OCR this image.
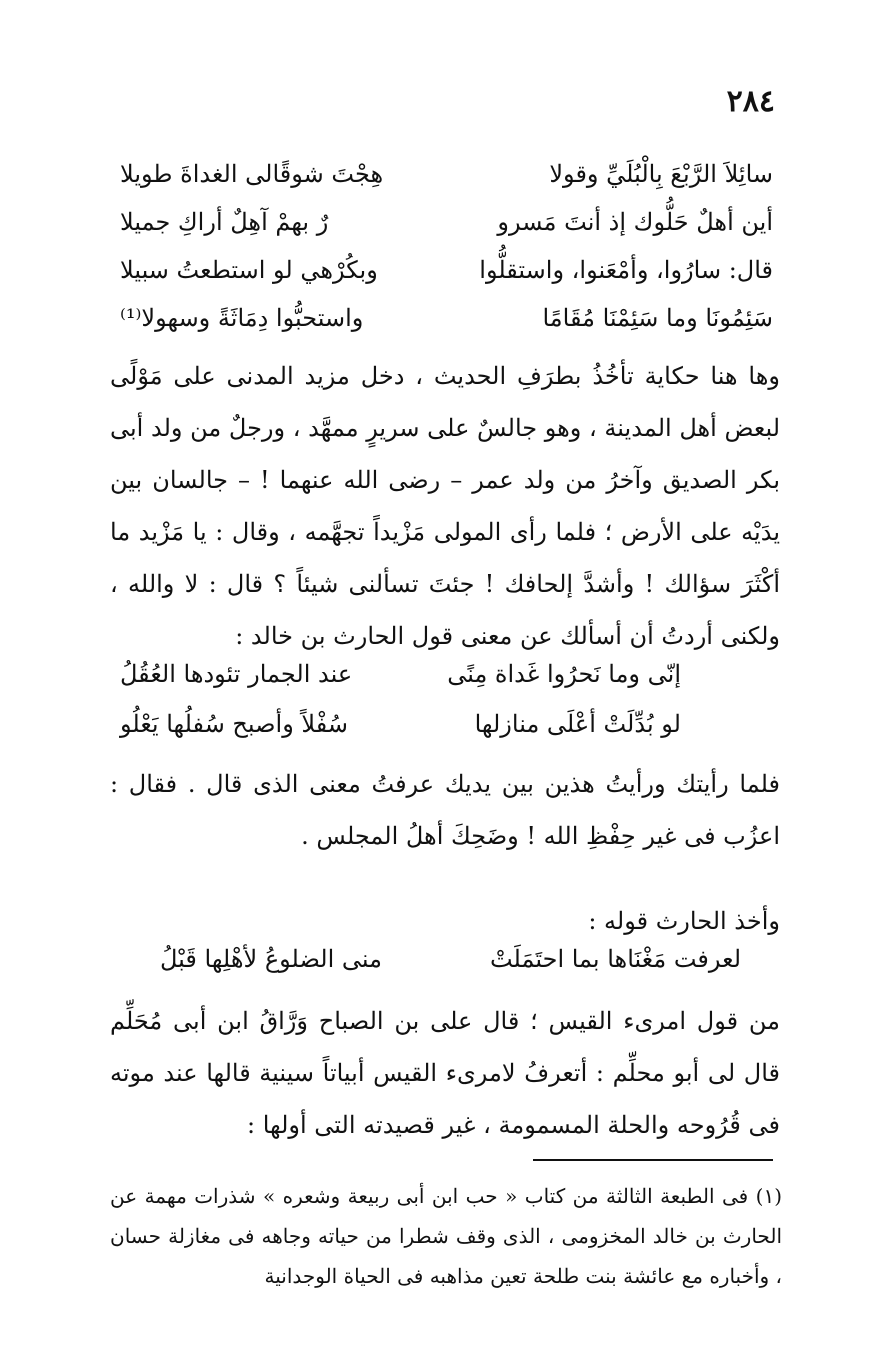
٢٨٤
سائِلاَ الرَّبْعَ بِالْبُلَيِّ وقولا
هِجْتَ شوقًالى الغداةَ طويلا
أين أهلٌ حَلُّوك إذ أنتَ مَسرو
رٌ بهمْ آهِلٌ أراكِ جميلا
قال: سارُوا، وأمْعَنوا، واستقلُّوا
وبكُرْهي لو استطعتُ سبيلا
سَئِمُونَا وما سَئِمْنَا مُقَامًا
واستحبُّوا دِمَاثَةً وسهولا⁽¹⁾
وها هنا حكاية تأخُذُ بطرَفِ الحديث ، دخل مزيد المدنى على مَوْلًى لبعض أهل المدينة ، وهو جالسٌ على سريرٍ ممهَّد ، ورجلٌ من ولد أبى بكر الصديق وآخرُ من ولد عمر – رضى الله عنهما ! – جالسان بين يدَيْه على الأرض ؛ فلما رأى المولى مَزْيداً تجهَّمه ، وقال : يا مَزْيد ما أكْثَرَ سؤالك ! وأشدَّ إلحافك ! جئتَ تسألنى شيئاً ؟ قال : لا والله ، ولكنى أردتُ أن أسألك عن معنى قول الحارث بن خالد :
إنّى وما نَحرُوا غَداة مِنًى
عند الجمار تئودها العُقُلُ
لو بُدِّلَتْ أعْلَى منازلها
سُفْلاً وأصبح سُفلُها يَعْلُو
فلما رأيتك ورأيتُ هذين بين يديك عرفتُ معنى الذى قال . فقال : اعزُب فى غير حِفْظِ الله ! وضَحِكَ أهلُ المجلس .
وأخذ الحارث قوله :
لعرفت مَغْنَاها بما احتَمَلَتْ
منى الضلوعُ لأهْلِها قَبْلُ
من قول امرىء القيس ؛ قال على بن الصباح وَرَّاقُ ابن أبى مُحَلِّم قال لى أبو محلِّم : أتعرفُ لامرىء القيس أبياتاً سينية قالها عند موته فى قُرُوحه والحلة المسمومة ، غير قصيدته التى أولها :
(١) فى الطبعة الثالثة من كتاب « حب ابن أبى ربيعة وشعره » شذرات مهمة عن الحارث بن خالد المخزومى ، الذى وقف شطرا من حياته وجاهه فى مغازلة حسان ، وأخباره مع عائشة بنت طلحة تعين مذاهبه فى الحياة الوجدانية
